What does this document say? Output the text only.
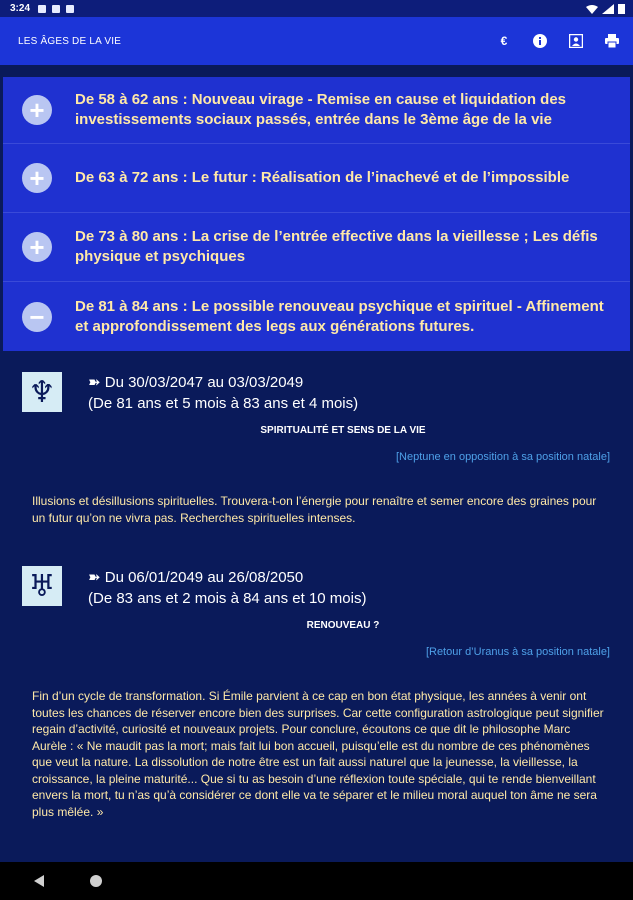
3:24
LES ÂGES DE LA VIE	€
+	De 58 à 62 ans : Nouveau virage - Remise en cause et liquidation des investissements sociaux passés, entrée dans le 3ème âge de la vie
+	De 63 à 72 ans : Le futur : Réalisation de l’inachevé et de l’impossible
+	De 73 à 80 ans : La crise de l’entrée effective dans la vieillesse ; Les défis physique et psychiques
−	De 81 à 84 ans : Le possible renouveau psychique et spirituel - Affinement et approfondissement des legs aux générations futures.
♆	➽ Du 30/03/2047 au 03/03/2049
(De 81 ans et 5 mois à 83 ans et 4 mois)
SPIRITUALITÉ ET SENS DE LA VIE
[Neptune en opposition à sa position natale]
Illusions et désillusions spirituelles. Trouvera-t-on l’énergie pour renaître et semer encore des graines pour un futur qu’on ne vivra pas. Recherches spirituelles intenses.
♅	➽ Du 06/01/2049 au 26/08/2050
(De 83 ans et 2 mois à 84 ans et 10 mois)
RENOUVEAU ?
[Retour d’Uranus à sa position natale]
Fin d’un cycle de transformation. Si Émile parvient à ce cap en bon état physique, les années à venir ont toutes les chances de réserver encore bien des surprises. Car cette configuration astrologique peut signifier regain d’activité, curiosité et nouveaux projets. Pour conclure, écoutons ce que dit le philosophe Marc Aurèle : « Ne maudit pas la mort; mais fait lui bon accueil, puisqu’elle est du nombre de ces phénomènes que veut la nature. La dissolution de notre être est un fait aussi naturel que la jeunesse, la vieillesse, la croissance, la pleine maturité... Que si tu as besoin d’une réflexion toute spéciale, qui te rende bienveillant envers la mort, tu n’as qu’à considérer ce dont elle va te séparer et le milieu moral auquel ton âme ne sera plus mêlée. »
